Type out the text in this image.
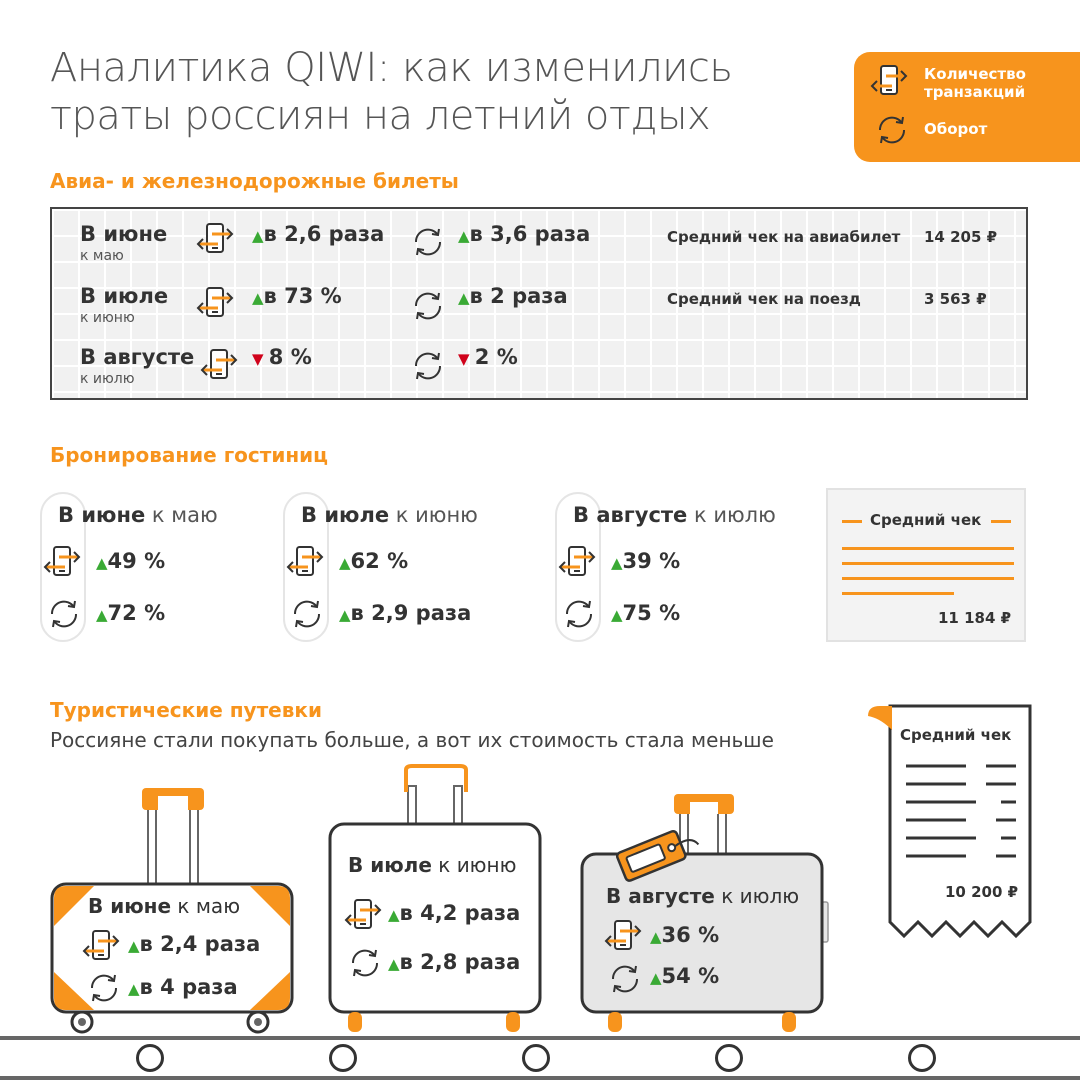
Аналитика QIWI: как изменились
траты россиян на летний отдых
Количество
транзакций
Оборот
Авиа- и железнодорожные билеты
В июне
к маю
▲в 2,6 раза	▲в 3,6 раза	Средний чек на авиабилет 14 205 ₽
В июле
к июню
▲в 73 %	▲в 2 раза	Средний чек на поезд	3 563 ₽
В августе
к июлю
▼ 8 %	▼ 2 %
Бронирование гостиниц
В июне к маю
▲49 %
▲72 %
В июле к июню
▲62 %
▲в 2,9 раза
В августе к июлю
▲39 %
▲75 %
Средний чек
11 184 ₽
Туристические путевки
Россияне стали покупать больше, а вот их стоимость стала меньше	Средний чек
10 200 ₽
В июне к маю
▲в 2,4 раза
▲в 4 раза
В июле к июню
▲в 4,2 раза
▲в 2,8 раза
В августе к июлю
▲36 %
▲54 %
